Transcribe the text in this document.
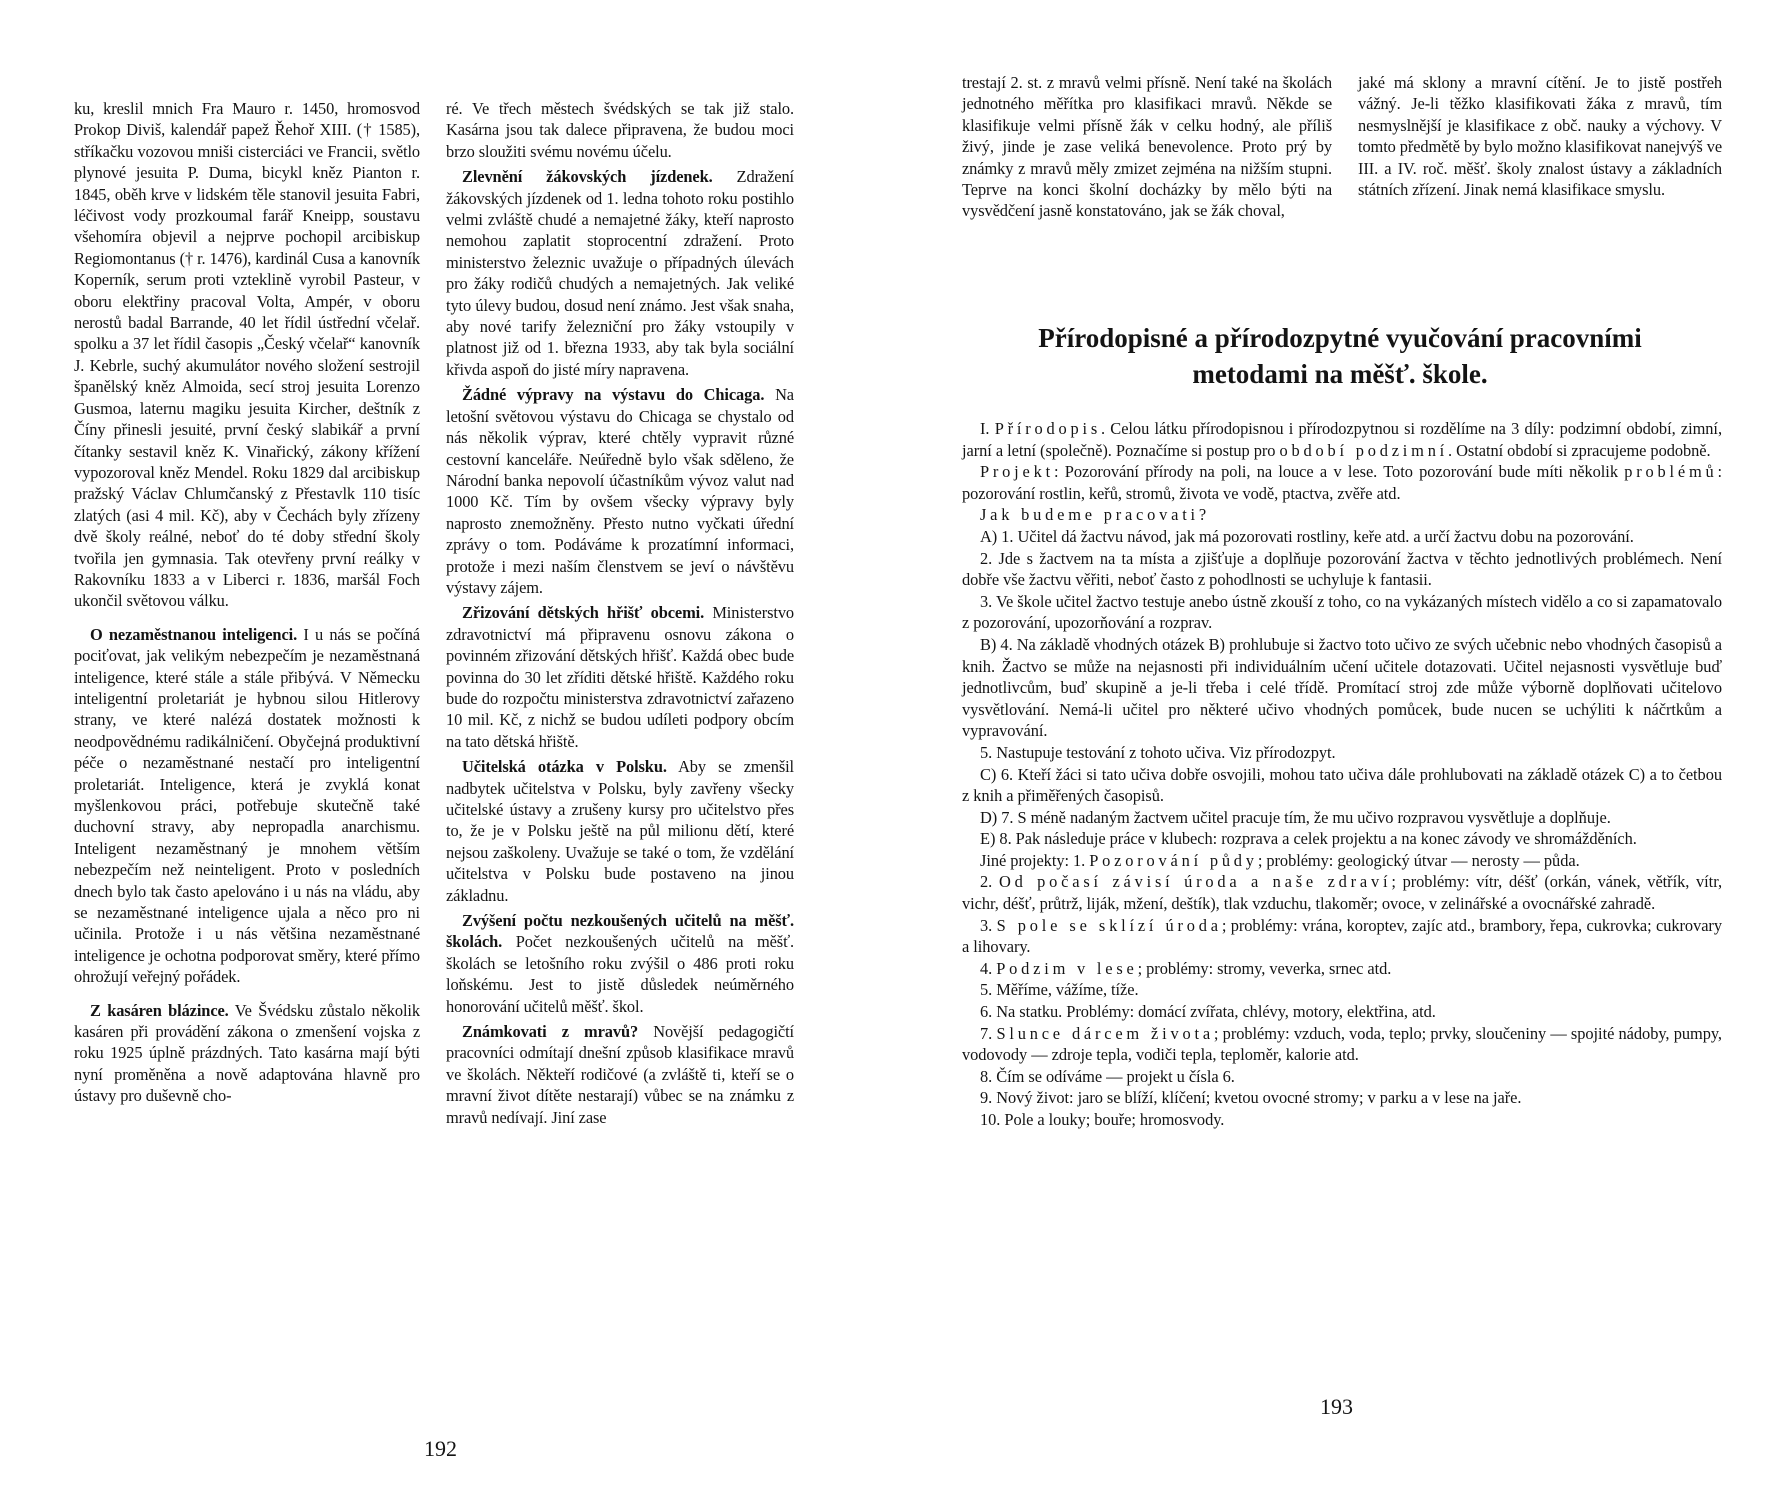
ku, kreslil mnich Fra Mauro r. 1450, hromosvod Prokop Diviš, kalendář papež Řehoř XIII. († 1585), stříkačku vozovou mniši cisterciáci ve Francii, světlo plynové jesuita P. Duma, bicykl kněz Pianton r. 1845, oběh krve v lidském těle stanovil jesuita Fabri, léčivost vody prozkoumal farář Kneipp, soustavu všehomíra objevil a nejprve pochopil arcibiskup Regiomontanus († r. 1476), kardinál Cusa a kanovník Koperník, serum proti vzteklině vyrobil Pasteur, v oboru elektřiny pracoval Volta, Ampér, v oboru nerostů badal Barrande, 40 let řídil ústřední včelař. spolku a 37 let řídil časopis „Český včelař“ kanovník J. Kebrle, suchý akumulátor nového složení sestrojil španělský kněz Almoida, secí stroj jesuita Lorenzo Gusmoa, laternu magiku jesuita Kircher, deštník z Číny přinesli jesuité, první český slabikář a první čítanky sestavil kněz K. Vinařický, zákony křížení vypozoroval kněz Mendel. Roku 1829 dal arcibiskup pražský Václav Chlumčanský z Přestavlk 110 tisíc zlatých (asi 4 mil. Kč), aby v Čechách byly zřízeny dvě školy reálné, neboť do té doby střední školy tvořila jen gymnasia. Tak otevřeny první reálky v Rakovníku 1833 a v Liberci r. 1836, maršál Foch ukončil světovou válku.

O nezaměstnanou inteligenci. I u nás se počíná pociťovat, jak velikým nebezpečím je nezaměstnaná inteligence, které stále a stále přibývá. V Německu inteligentní proletariát je hybnou silou Hitlerovy strany, ve které nalézá dostatek možnosti k neodpovědnému radikálničení. Obyčejná produktivní péče o nezaměstnané nestačí pro inteligentní proletariát. Inteligence, která je zvyklá konat myšlenkovou práci, potřebuje skutečně také duchovní stravy, aby nepropadla anarchismu. Inteligent nezaměstnaný je mnohem větším nebezpečím než neinteligent. Proto v posledních dnech bylo tak často apelováno i u nás na vládu, aby se nezaměstnané inteligence ujala a něco pro ni učinila. Protože i u nás většina nezaměstnané inteligence je ochotna podporovat směry, které přímo ohrožují veřejný pořádek.

Z kasáren blázince. Ve Švédsku zůstalo několik kasáren při provádění zákona o zmenšení vojska z roku 1925 úplně prázdných. Tato kasárna mají býti nyní proměněna a nově adaptována hlavně pro ústavy pro duševně cho-

ré. Ve třech městech švédských se tak již stalo. Kasárna jsou tak dalece připravena, že budou moci brzo sloužiti svému novému účelu.

Zlevnění žákovských jízdenek. Zdražení žákovských jízdenek od 1. ledna tohoto roku postihlo velmi zvláště chudé a nemajetné žáky, kteří naprosto nemohou zaplatit stoprocentní zdražení. Proto ministerstvo železnic uvažuje o případných úlevách pro žáky rodičů chudých a nemajetných. Jak veliké tyto úlevy budou, dosud není známo. Jest však snaha, aby nové tarify železniční pro žáky vstoupily v platnost již od 1. března 1933, aby tak byla sociální křivda aspoň do jisté míry napravena.

Žádné výpravy na výstavu do Chicaga. Na letošní světovou výstavu do Chicaga se chystalo od nás několik výprav, které chtěly vypravit různé cestovní kanceláře. Neúředně bylo však sděleno, že Národní banka nepovolí účastníkům vývoz valut nad 1000 Kč. Tím by ovšem všecky výpravy byly naprosto znemožněny. Přesto nutno vyčkati úřední zprávy o tom. Podáváme k prozatímní informaci, protože i mezi naším členstvem se jeví o návštěvu výstavy zájem.

Zřizování dětských hřišť obcemi. Ministerstvo zdravotnictví má připravenu osnovu zákona o povinném zřizování dětských hřišť. Každá obec bude povinna do 30 let zříditi dětské hřiště. Každého roku bude do rozpočtu ministerstva zdravotnictví zařazeno 10 mil. Kč, z nichž se budou udíleti podpory obcím na tato dětská hřiště.

Učitelská otázka v Polsku. Aby se zmenšil nadbytek učitelstva v Polsku, byly zavřeny všecky učitelské ústavy a zrušeny kursy pro učitelstvo přes to, že je v Polsku ještě na půl milionu dětí, které nejsou zaškoleny. Uvažuje se také o tom, že vzdělání učitelstva v Polsku bude postaveno na jinou základnu.

Zvýšení počtu nezkoušených učitelů na měšť. školách. Počet nezkoušených učitelů na měšť. školách se letošního roku zvýšil o 486 proti roku loňskému. Jest to jistě důsledek neúměrného honorování učitelů měšť. škol.

Známkovati z mravů? Novější pedagogičtí pracovníci odmítají dnešní způsob klasifikace mravů ve školách. Někteří rodičové (a zvláště ti, kteří se o mravní život dítěte nestarají) vůbec se na známku z mravů nedívají. Jiní zase

192

trestají 2. st. z mravů velmi přísně. Není také na školách jednotného měřítka pro klasifikaci mravů. Někde se klasifikuje velmi přísně žák v celku hodný, ale příliš živý, jinde je zase veliká benevolence. Proto prý by známky z mravů měly zmizet zejména na nižším stupni. Teprve na konci školní docházky by mělo býti na vysvědčení jasně konstatováno, jak se žák choval,

jaké má sklony a mravní cítění. Je to jistě postřeh vážný. Je-li těžko klasifikovati žáka z mravů, tím nesmyslnější je klasifikace z obč. nauky a výchovy. V tomto předmětě by bylo možno klasifikovat nanejvýš ve III. a IV. roč. měšť. školy znalost ústavy a základních státních zřízení. Jinak nemá klasifikace smyslu.

Přírodopisné a přírodozpytné vyučování pracovními
metodami na měšť. škole.

I. Přírodopis. Celou látku přírodopisnou i přírodozpytnou si rozdělíme na 3 díly: podzimní období, zimní, jarní a letní (společně). Poznačíme si postup pro období podzimní. Ostatní období si zpracujeme podobně.

Projekt: Pozorování přírody na poli, na louce a v lese. Toto pozorování bude míti několik problémů: pozorování rostlin, keřů, stromů, života ve vodě, ptactva, zvěře atd.

Jak budeme pracovati?

A) 1. Učitel dá žactvu návod, jak má pozorovati rostliny, keře atd. a určí žactvu dobu na pozorování.

2. Jde s žactvem na ta místa a zjišťuje a doplňuje pozorování žactva v těchto jednotlivých problémech. Není dobře vše žactvu věřiti, neboť často z pohodlnosti se uchyluje k fantasii.

3. Ve škole učitel žactvo testuje anebo ústně zkouší z toho, co na vykázaných místech vidělo a co si zapamatovalo z pozorování, upozorňování a rozprav.

B) 4. Na základě vhodných otázek B) prohlubuje si žactvo toto učivo ze svých učebnic nebo vhodných časopisů a knih. Žactvo se může na nejasnosti při individuálním učení učitele dotazovati. Učitel nejasnosti vysvětluje buď jednotlivcům, buď skupině a je-li třeba i celé třídě. Promítací stroj zde může výborně doplňovati učitelovo vysvětlování. Nemá-li učitel pro některé učivo vhodných pomůcek, bude nucen se uchýliti k náčrtkům a vypravování.

5. Nastupuje testování z tohoto učiva. Viz přírodozpyt.

C) 6. Kteří žáci si tato učiva dobře osvojili, mohou tato učiva dále prohlubovati na základě otázek C) a to četbou z knih a přiměřených časopisů.

D) 7. S méně nadaným žactvem učitel pracuje tím, že mu učivo rozpravou vysvětluje a doplňuje.

E) 8. Pak následuje práce v klubech: rozprava a celek projektu a na konec závody ve shromážděních.

Jiné projekty: 1. Pozorování půdy; problémy: geologický útvar — nerosty — půda.

2. Od počasí závisí úroda a naše zdraví; problémy: vítr, déšť (orkán, vánek, větřík, vítr, vichr, déšť, průtrž, liják, mžení, deštík), tlak vzduchu, tlakoměr; ovoce, v zelinářské a ovocnářské zahradě.

3. S pole se sklízí úroda; problémy: vrána, koroptev, zajíc atd., brambory, řepa, cukrovka; cukrovary a lihovary.

4. Podzim v lese; problémy: stromy, veverka, srnec atd.

5. Měříme, vážíme, tíže.

6. Na statku. Problémy: domácí zvířata, chlévy, motory, elektřina, atd.

7. Slunce dárcem života; problémy: vzduch, voda, teplo; prvky, sloučeniny — spojité nádoby, pumpy, vodovody — zdroje tepla, vodiči tepla, teploměr, kalorie atd.

8. Čím se odíváme — projekt u čísla 6.

9. Nový život: jaro se blíží, klíčení; kvetou ovocné stromy; v parku a v lese na jaře.

10. Pole a louky; bouře; hromosvody.

193
